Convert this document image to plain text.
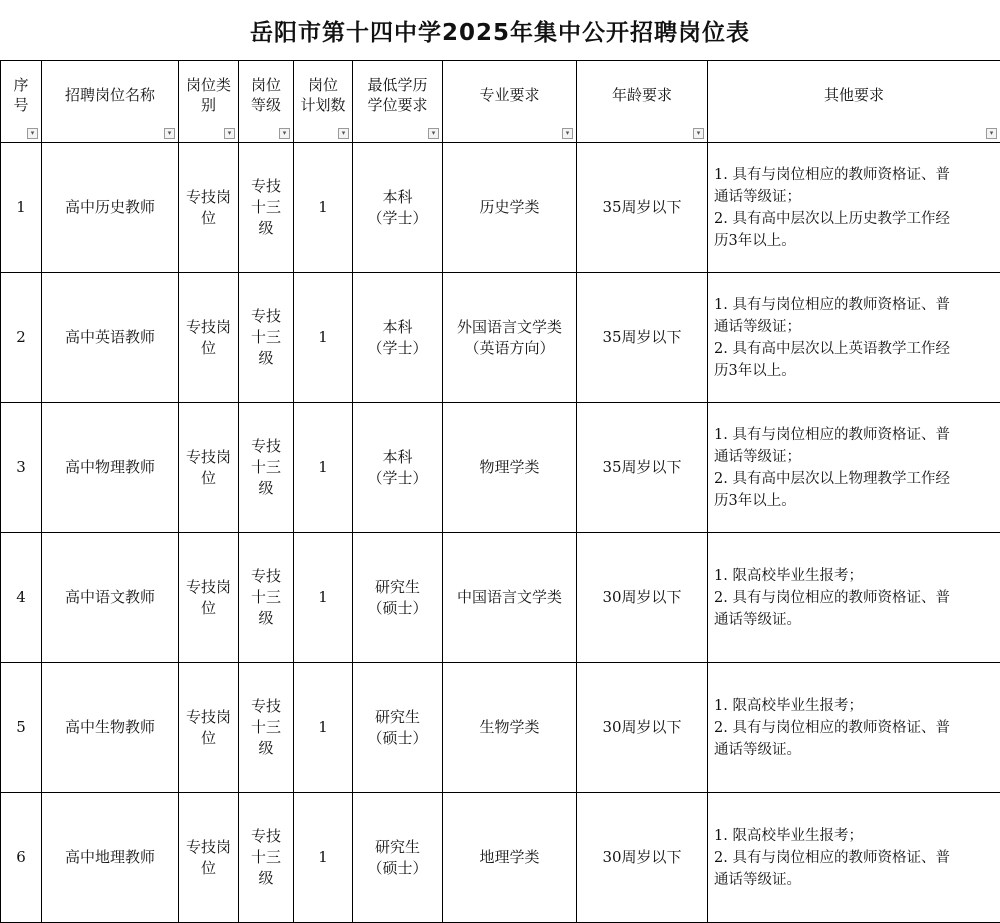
岳阳市第十四中学2025年集中公开招聘岗位表
序
号
▾	招聘岗位名称
▾	岗位类
别
▾	岗位
等级
▾	岗位
计划数
▾	最低学历
学位要求
▾	专业要求
▾	年龄要求
▾	其他要求
▾

1	高中历史教师	专技岗
位	专技
十三
级	1	本科
（学士）	历史学类	35周岁以下	1. 具有与岗位相应的教师资格证、普
通话等级证；
2. 具有高中层次以上历史教学工作经
历3年以上。

2	高中英语教师	专技岗
位	专技
十三
级	1	本科
（学士）	外国语言文学类
（英语方向）	35周岁以下	1. 具有与岗位相应的教师资格证、普
通话等级证；
2. 具有高中层次以上英语教学工作经
历3年以上。

3	高中物理教师	专技岗
位	专技
十三
级	1	本科
（学士）	物理学类	35周岁以下	1. 具有与岗位相应的教师资格证、普
通话等级证；
2. 具有高中层次以上物理教学工作经
历3年以上。

4	高中语文教师	专技岗
位	专技
十三
级	1	研究生
（硕士）	中国语言文学类	30周岁以下	1. 限高校毕业生报考；
2. 具有与岗位相应的教师资格证、普
通话等级证。

5	高中生物教师	专技岗
位	专技
十三
级	1	研究生
（硕士）	生物学类	30周岁以下	1. 限高校毕业生报考；
2. 具有与岗位相应的教师资格证、普
通话等级证。

6	高中地理教师	专技岗
位	专技
十三
级	1	研究生
（硕士）	地理学类	30周岁以下	1. 限高校毕业生报考；
2. 具有与岗位相应的教师资格证、普
通话等级证。
